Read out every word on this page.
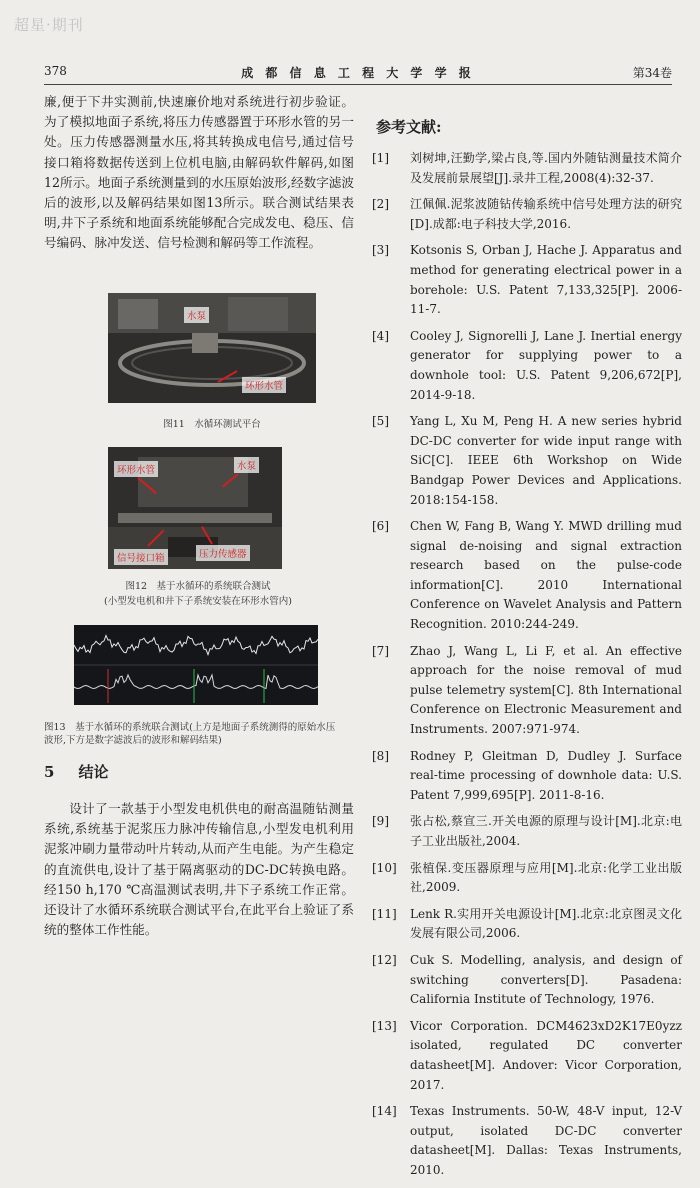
超星·期刊
378	成 都 信 息 工 程 大 学 学 报	第34卷

廉,便于下井实测前,快速廉价地对系统进行初步验证。为了模拟地面子系统,将压力传感器置于环形水管的另一处。压力传感器测量水压,将其转换成电信号,通过信号接口箱将数据传送到上位机电脑,由解码软件解码,如图12所示。地面子系统测量到的水压原始波形,经数字滤波后的波形,以及解码结果如图13所示。联合测试结果表明,井下子系统和地面系统能够配合完成发电、稳压、信号编码、脉冲发送、信号检测和解码等工作流程。

水泵
环形水管
图11　水循环测试平台
环形水管	水泵
信号接口箱	压力传感器
图12　基于水循环的系统联合测试
(小型发电机和井下子系统安装在环形水管内)
图13　基于水循环的系统联合测试(上方是地面子系统测得的原始水压波形,下方是数字滤波后的波形和解码结果)
5 结论

设计了一款基于小型发电机供电的耐高温随钻测量系统,系统基于泥浆压力脉冲传输信息,小型发电机利用泥浆冲刷力量带动叶片转动,从而产生电能。为产生稳定的直流供电,设计了基于隔离驱动的DC-DC转换电路。经150 h,170 ℃高温测试表明,井下子系统工作正常。还设计了水循环系统联合测试平台,在此平台上验证了系统的整体工作性能。

参考文献:
[1] 刘树坤,汪勤学,梁占良,等.国内外随钻测量技术简介及发展前景展望[J].录井工程,2008(4):32-37.
[2] 江佩佩.泥浆波随钻传输系统中信号处理方法的研究[D].成都:电子科技大学,2016.
[3] Kotsonis S, Orban J, Hache J. Apparatus and method for generating electrical power in a borehole: U.S. Patent 7,133,325[P]. 2006-11-7.
[4] Cooley J, Signorelli J, Lane J. Inertial energy generator for supplying power to a downhole tool: U.S. Patent 9,206,672[P], 2014-9-18.
[5] Yang L, Xu M, Peng H. A new series hybrid DC-DC converter for wide input range with SiC[C]. IEEE 6th Workshop on Wide Bandgap Power Devices and Applications. 2018:154-158.
[6] Chen W, Fang B, Wang Y. MWD drilling mud signal de-noising and signal extraction research based on the pulse-code information[C]. 2010 International Conference on Wavelet Analysis and Pattern Recognition. 2010:244-249.
[7] Zhao J, Wang L, Li F, et al. An effective approach for the noise removal of mud pulse telemetry system[C]. 8th International Conference on Electronic Measurement and Instruments. 2007:971-974.
[8] Rodney P, Gleitman D, Dudley J. Surface real-time processing of downhole data: U.S. Patent 7,999,695[P]. 2011-8-16.
[9] 张占松,蔡宣三.开关电源的原理与设计[M].北京:电子工业出版社,2004.
[10] 张植保.变压器原理与应用[M].北京:化学工业出版社,2009.
[11] Lenk R.实用开关电源设计[M].北京:北京图灵文化发展有限公司,2006.
[12] Cuk S. Modelling, analysis, and design of switching converters[D]. Pasadena: California Institute of Technology, 1976.
[13] Vicor Corporation. DCM4623xD2K17E0yzz isolated, regulated DC converter datasheet[M]. Andover: Vicor Corporation, 2017.
[14] Texas Instruments. 50-W, 48-V input, 12-V output, isolated DC-DC converter datasheet[M]. Dallas: Texas Instruments, 2010.
